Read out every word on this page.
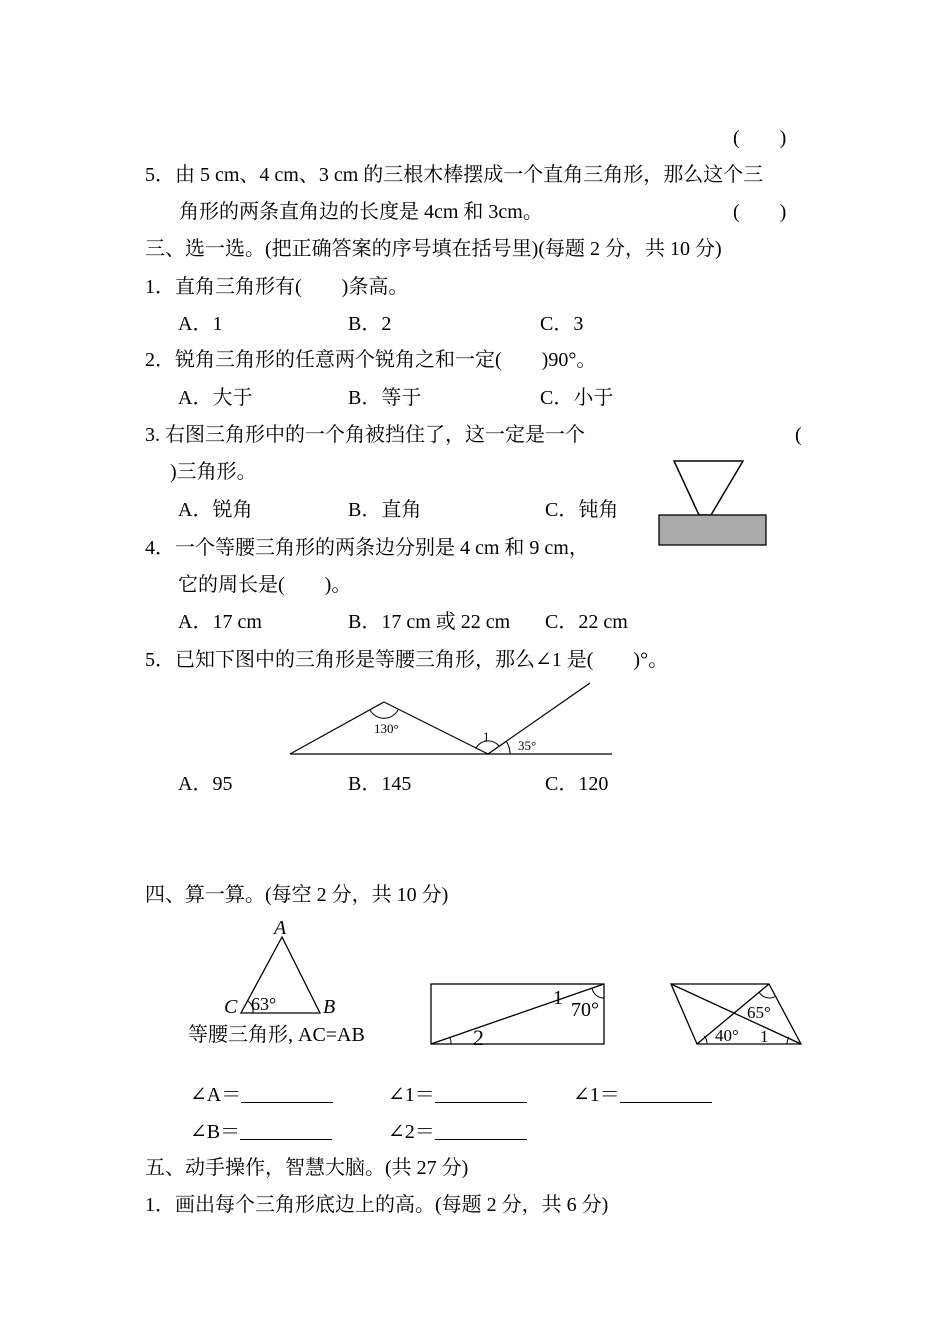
(        )
5．由 5 cm、4 cm、3 cm 的三根木棒摆成一个直角三角形，那么这个三
角形的两条直角边的长度是 4cm 和 3cm。	(        )
三、选一选。(把正确答案的序号填在括号里)(每题 2 分，共 10 分)
1．直角三角形有(        )条高。
A．1	B．2	C．3
2．锐角三角形的任意两个锐角之和一定(        )90°。
A．大于	B．等于	C．小于
3. 右图三角形中的一个角被挡住了，这一定是一个	(
)三角形。
A．锐角	B．直角	C．钝角
4．一个等腰三角形的两条边分别是 4 cm 和 9 cm，
它的周长是(        )。
A．17 cm	B．17 cm 或 22 cm C．22 cm
5．已知下图中的三角形是等腰三角形，那么∠1 是(        )°。
130°
1
35°
A．95	B．145	C．120
四、算一算。(每空 2 分，共 10 分)
A
C	B
63°
等腰三角形, AC=AB
1
70°
2
65°
40° 1
∠A＝	∠1＝	∠1＝
∠B＝	∠2＝
五、动手操作，智慧大脑。(共 27 分)
1．画出每个三角形底边上的高。(每题 2 分，共 6 分)
